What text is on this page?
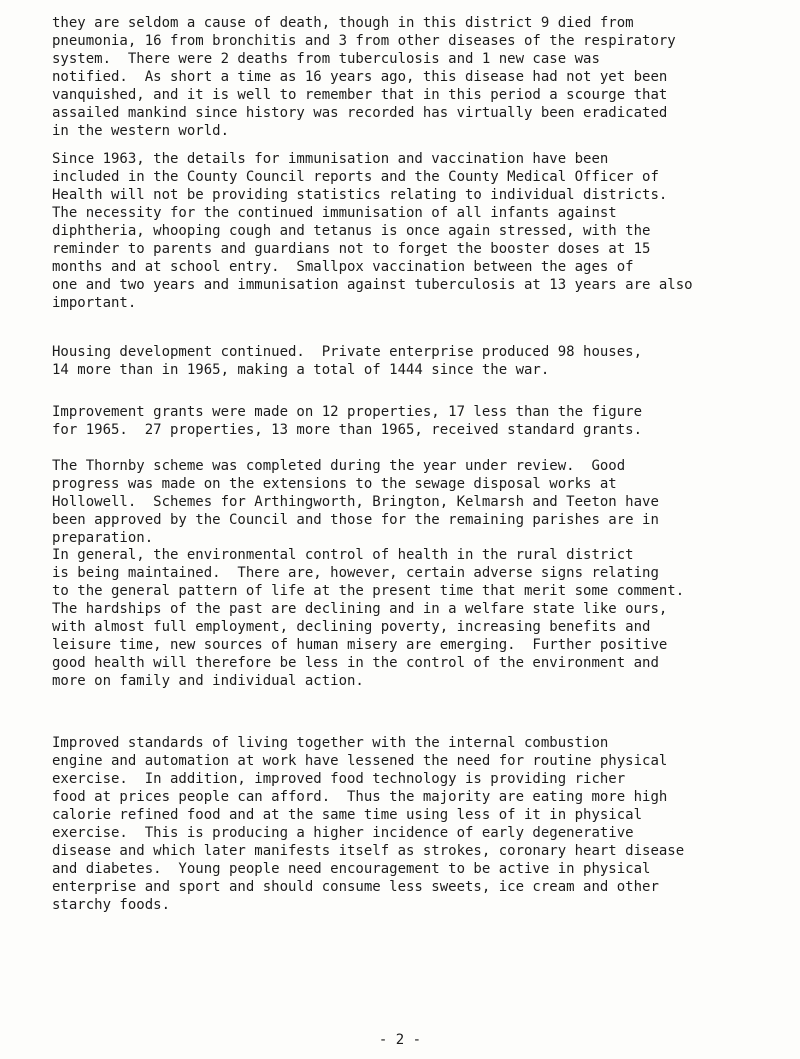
they are seldom a cause of death, though in this district 9 died from
pneumonia, 16 from bronchitis and 3 from other diseases of the respiratory
system.  There were 2 deaths from tuberculosis and 1 new case was
notified.  As short a time as 16 years ago, this disease had not yet been
vanquished, and it is well to remember that in this period a scourge that
assailed mankind since history was recorded has virtually been eradicated
in the western world.
Since 1963, the details for immunisation and vaccination have been
included in the County Council reports and the County Medical Officer of
Health will not be providing statistics relating to individual districts.
The necessity for the continued immunisation of all infants against
diphtheria, whooping cough and tetanus is once again stressed, with the
reminder to parents and guardians not to forget the booster doses at 15
months and at school entry.  Smallpox vaccination between the ages of
one and two years and immunisation against tuberculosis at 13 years are also
important.
Housing development continued.  Private enterprise produced 98 houses,
14 more than in 1965, making a total of 1444 since the war.
Improvement grants were made on 12 properties, 17 less than the figure
for 1965.  27 properties, 13 more than 1965, received standard grants.
The Thornby scheme was completed during the year under review.  Good
progress was made on the extensions to the sewage disposal works at
Hollowell.  Schemes for Arthingworth, Brington, Kelmarsh and Teeton have
been approved by the Council and those for the remaining parishes are in
preparation.
In general, the environmental control of health in the rural district
is being maintained.  There are, however, certain adverse signs relating
to the general pattern of life at the present time that merit some comment.
The hardships of the past are declining and in a welfare state like ours,
with almost full employment, declining poverty, increasing benefits and
leisure time, new sources of human misery are emerging.  Further positive
good health will therefore be less in the control of the environment and
more on family and individual action.
Improved standards of living together with the internal combustion
engine and automation at work have lessened the need for routine physical
exercise.  In addition, improved food technology is providing richer
food at prices people can afford.  Thus the majority are eating more high
calorie refined food and at the same time using less of it in physical
exercise.  This is producing a higher incidence of early degenerative
disease and which later manifests itself as strokes, coronary heart disease
and diabetes.  Young people need encouragement to be active in physical
enterprise and sport and should consume less sweets, ice cream and other
starchy foods.
- 2 -
